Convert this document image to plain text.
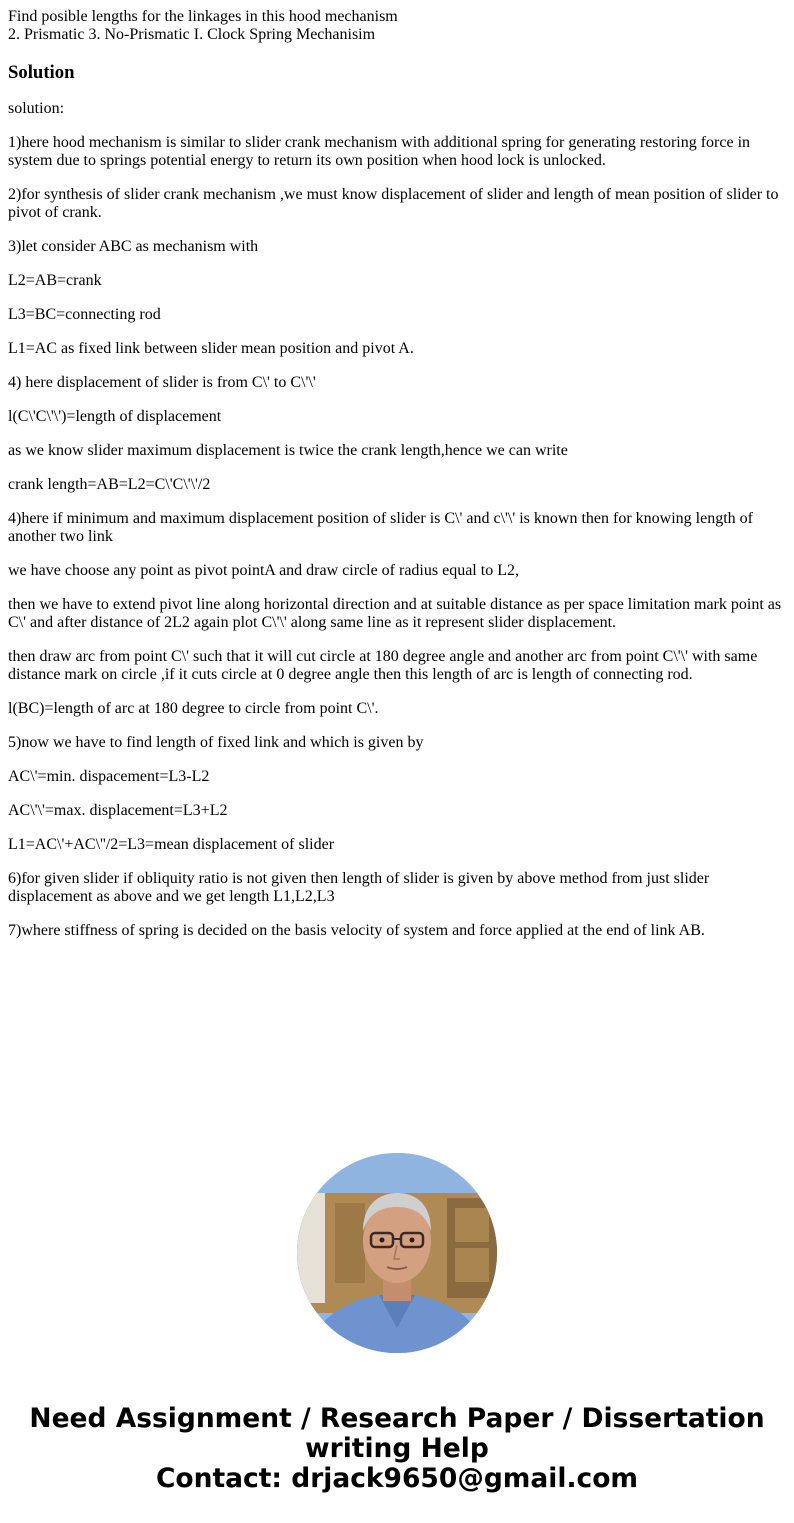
Find posible lengths for the linkages in this hood mechanism
2. Prismatic 3. No-Prismatic I. Clock Spring Mechanisim
Solution
solution:
1)here hood mechanism is similar to slider crank mechanism with additional spring for generating restoring force in system due to springs potential energy to return its own position when hood lock is unlocked.
2)for synthesis of slider crank mechanism ,we must know displacement of slider and length of mean position of slider to pivot of crank.
3)let consider ABC as mechanism with
L2=AB=crank
L3=BC=connecting rod
L1=AC as fixed link between slider mean position and pivot A.
4) here displacement of slider is from C\' to C\'\'
l(C\'C\'\')=length of displacement
as we know slider maximum displacement is twice the crank length,hence we can write
crank length=AB=L2=C\'C\'\'/2
4)here if minimum and maximum displacement position of slider is C\' and c\'\' is known then for knowing length of another two link
we have choose any point as pivot pointA and draw circle of radius equal to L2,
then we have to extend pivot line along horizontal direction and at suitable distance as per space limitation mark point as C\' and after distance of 2L2 again plot C\'\' along same line as it represent slider displacement.
then draw arc from point C\' such that it will cut circle at 180 degree angle and another arc from point C\'\' with same distance mark on circle ,if it cuts circle at 0 degree angle then this length of arc is length of connecting rod.
l(BC)=length of arc at 180 degree to circle from point C\'.
5)now we have to find length of fixed link and which is given by
AC\'=min. dispacement=L3-L2
AC\'\'=max. displacement=L3+L2
L1=AC\'+AC\''/2=L3=mean displacement of slider
6)for given slider if obliquity ratio is not given then length of slider is given by above method from just slider displacement as above and we get length L1,L2,L3
7)where stiffness of spring is decided on the basis velocity of system and force applied at the end of link AB.
Need Assignment / Research Paper / Dissertation
writing Help
Contact: drjack9650@gmail.com
